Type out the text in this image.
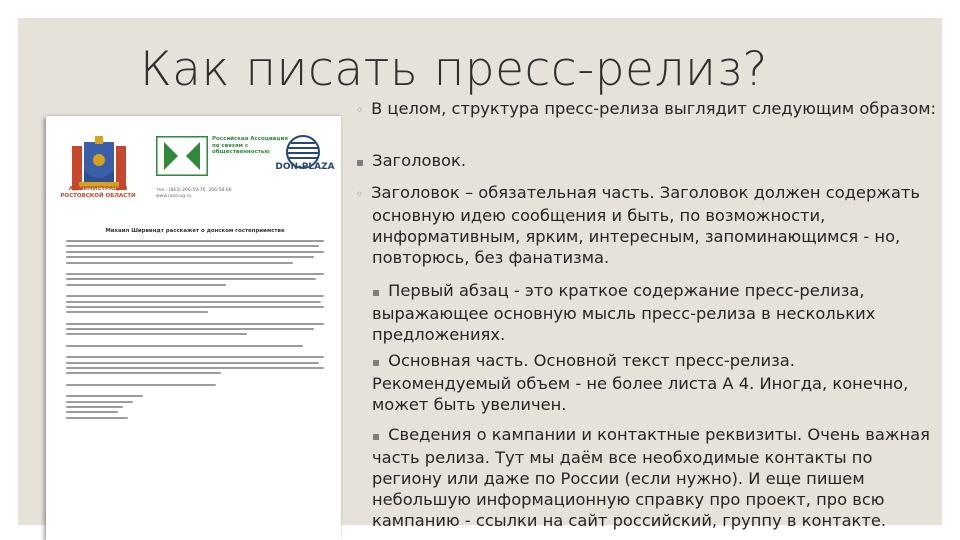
Как писать пресс-релиз?
АДМИНИСТРАЦИЯ РОСТОВСКОЙ ОБЛАСТИ
Российская Ассоциация по связям с общественностью
тел.: (863) 266-59-76, 266-58-66 www.rasо-ug.ru
DON-PLAZA
Михаил Ширвиндт расскажет о донском гостеприимстве
◦ В целом, структура пресс-релиза выглядит следующим образом:
▪ Заголовок.
◦ Заголовок – обязательная часть. Заголовок должен содержать основную идею сообщения и быть, по возможности, информативным, ярким, интересным, запоминающимся - но, повторюсь, без фанатизма.
▪ Первый абзац - это краткое содержание пресс-релиза, выражающее основную мысль пресс-релиза в нескольких предложениях.
▪ Основная часть. Основной текст пресс-релиза. Рекомендуемый объем - не более листа А 4. Иногда, конечно, может быть увеличен.
▪ Сведения о кампании и контактные реквизиты. Очень важная часть релиза. Тут мы даём все необходимые контакты по региону или даже по России (если нужно). И еще пишем небольшую информационную справку про проект, про всю кампанию - ссылки на сайт российский, группу в контакте.
